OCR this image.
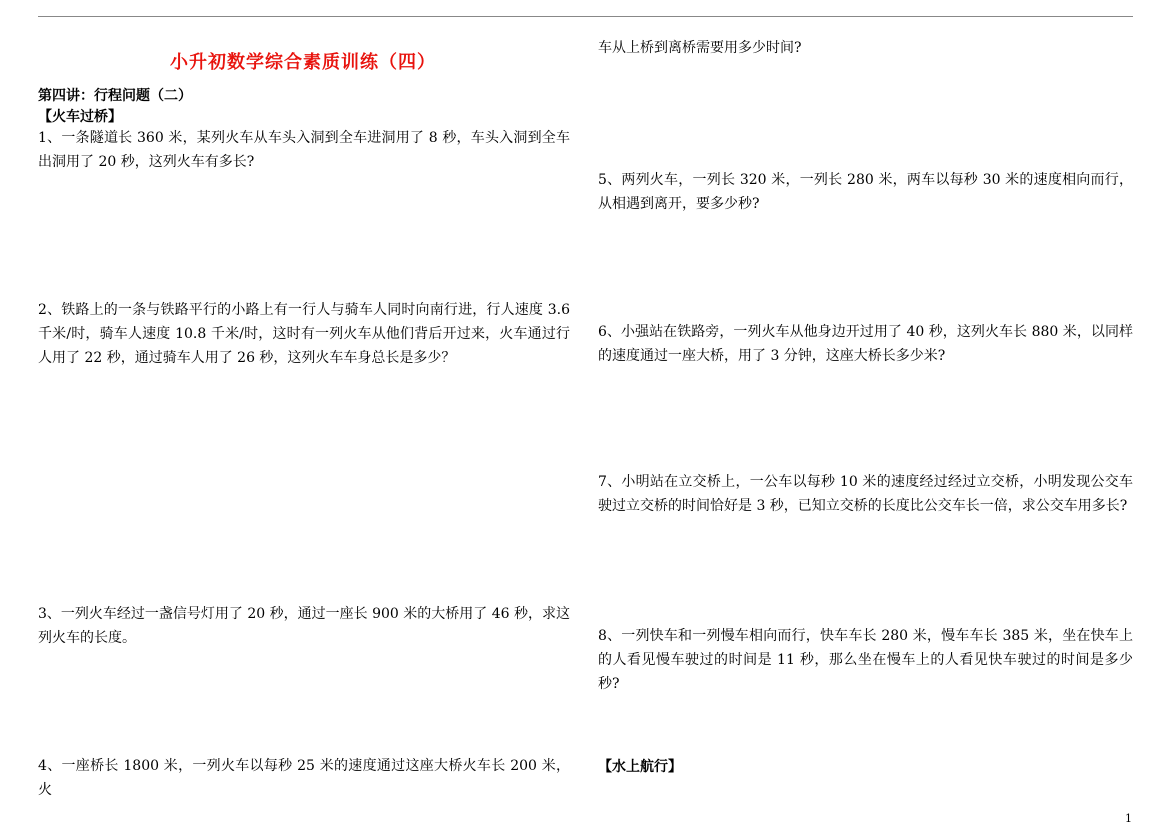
小升初数学综合素质训练（四）
第四讲：行程问题（二）
【火车过桥】

1、一条隧道长 360 米，某列火车从车头入洞到全车进洞用了 8 秒，车头入洞到全车出洞用了 20 秒，这列火车有多长?

2、铁路上的一条与铁路平行的小路上有一行人与骑车人同时向南行进，行人速度 3.6 千米/时，骑车人速度 10.8 千米/时，这时有一列火车从他们背后开过来，火车通过行人用了 22 秒，通过骑车人用了 26 秒，这列火车车身总长是多少？

3、一列火车经过一盏信号灯用了 20 秒，通过一座长 900 米的大桥用了 46 秒，求这列火车的长度。

4、一座桥长 1800 米，一列火车以每秒 25 米的速度通过这座大桥火车长 200 米，火

车从上桥到离桥需要用多少时间?

5、两列火车，一列长 320 米，一列长 280 米，两车以每秒 30 米的速度相向而行，从相遇到离开，要多少秒?

6、小强站在铁路旁，一列火车从他身边开过用了 40 秒，这列火车长 880 米，以同样的速度通过一座大桥，用了 3 分钟，这座大桥长多少米?

7、小明站在立交桥上，一公车以每秒 10 米的速度经过经过立交桥，小明发现公交车驶过立交桥的时间恰好是 3 秒，已知立交桥的长度比公交车长一倍，求公交车用多长?

8、一列快车和一列慢车相向而行，快车车长 280 米，慢车车长 385 米，坐在快车上的人看见慢车驶过的时间是 11 秒，那么坐在慢车上的人看见快车驶过的时间是多少秒?

【水上航行】
1
